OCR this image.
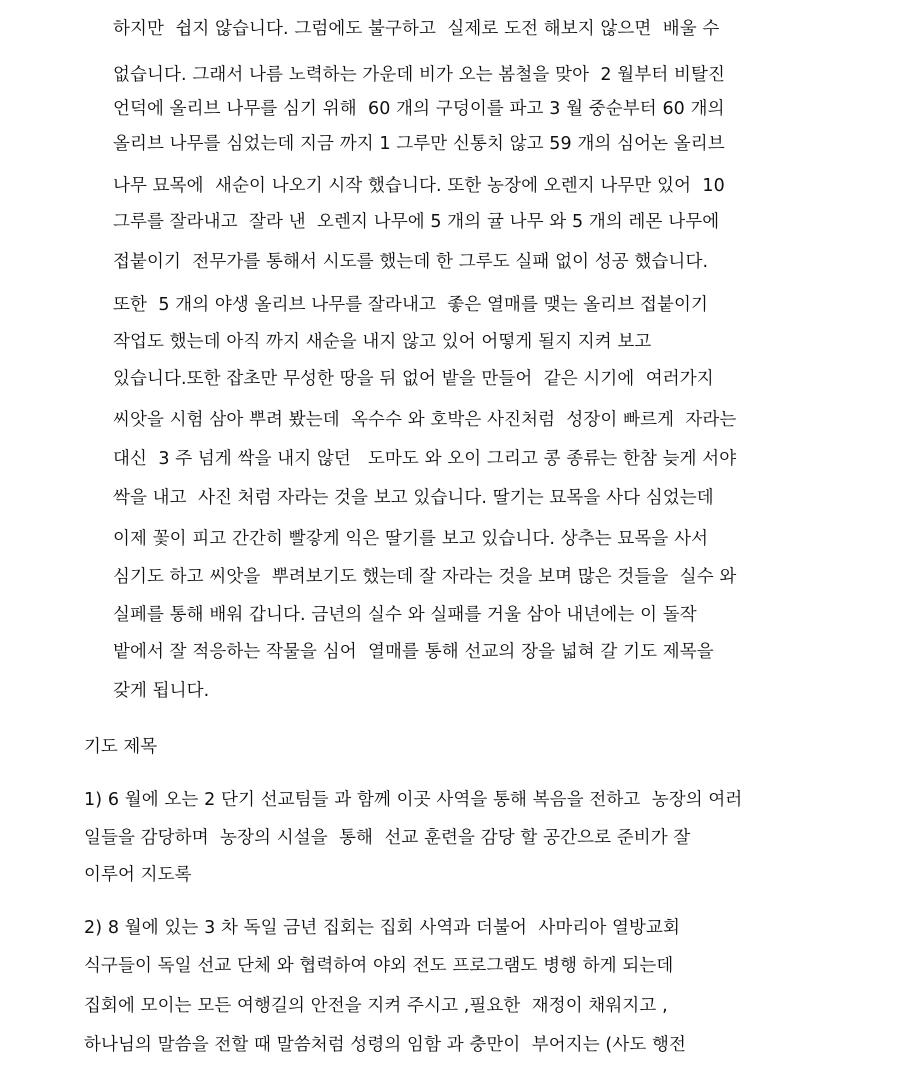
하지만  쉽지 않습니다. 그럼에도 불구하고  실제로 도전 해보지 않으면  배울 수
없습니다. 그래서 나름 노력하는 가운데 비가 오는 봄철을 맞아  2 월부터 비탈진
언덕에 올리브 나무를 심기 위해  60 개의 구덩이를 파고 3 월 중순부터 60 개의
올리브 나무를 심었는데 지금 까지 1 그루만 신통치 않고 59 개의 심어논 올리브
나무 묘목에  새순이 나오기 시작 했습니다. 또한 농장에 오렌지 나무만 있어  10
그루를 잘라내고  잘라 낸  오렌지 나무에 5 개의 귤 나무 와 5 개의 레몬 나무에
접붙이기  전무가를 통해서 시도를 했는데 한 그루도 실패 없이 성공 했습니다.
또한  5 개의 야생 올리브 나무를 잘라내고  좋은 열매를 맺는 올리브 접붙이기
작업도 했는데 아직 까지 새순을 내지 않고 있어 어떻게 될지 지켜 보고
있습니다.또한 잡초만 무성한 땅을 뒤 없어 밭을 만들어  같은 시기에  여러가지
씨앗을 시험 삼아 뿌려 봤는데  옥수수 와 호박은 사진처럼  성장이 빠르게  자라는
대신  3 주 넘게 싹을 내지 않던   도마도 와 오이 그리고 콩 종류는 한참 늦게 서야
싹을 내고  사진 처럼 자라는 것을 보고 있습니다. 딸기는 묘목을 사다 심었는데
이제 꽃이 피고 간간히 빨갛게 익은 딸기를 보고 있습니다. 상추는 묘목을 사서
심기도 하고 씨앗을  뿌려보기도 했는데 잘 자라는 것을 보며 많은 것들을  실수 와
실페를 통해 배워 갑니다. 금년의 실수 와 실패를 거울 삼아 내년에는 이 돌작
밭에서 잘 적응하는 작물을 심어  열매를 통해 선교의 장을 넓혀 갈 기도 제목을
갖게 됩니다.
기도 제목
1) 6 월에 오는 2 단기 선교팀들 과 함께 이곳 사역을 통해 복음을 전하고  농장의 여러
일들을 감당하며  농장의 시설을  통해  선교 훈련을 감당 할 공간으로 준비가 잘
이루어 지도록
2) 8 월에 있는 3 차 독일 금년 집회는 집회 사역과 더불어  사마리아 열방교회
식구들이 독일 선교 단체 와 협력하여 야외 전도 프로그램도 병행 하게 되는데
집회에 모이는 모든 여행길의 안전을 지켜 주시고 ,필요한  재정이 채워지고 ,
하나님의 말씀을 전할 때 말씀처럼 성령의 임함 과 충만이  부어지는 (사도 행전
